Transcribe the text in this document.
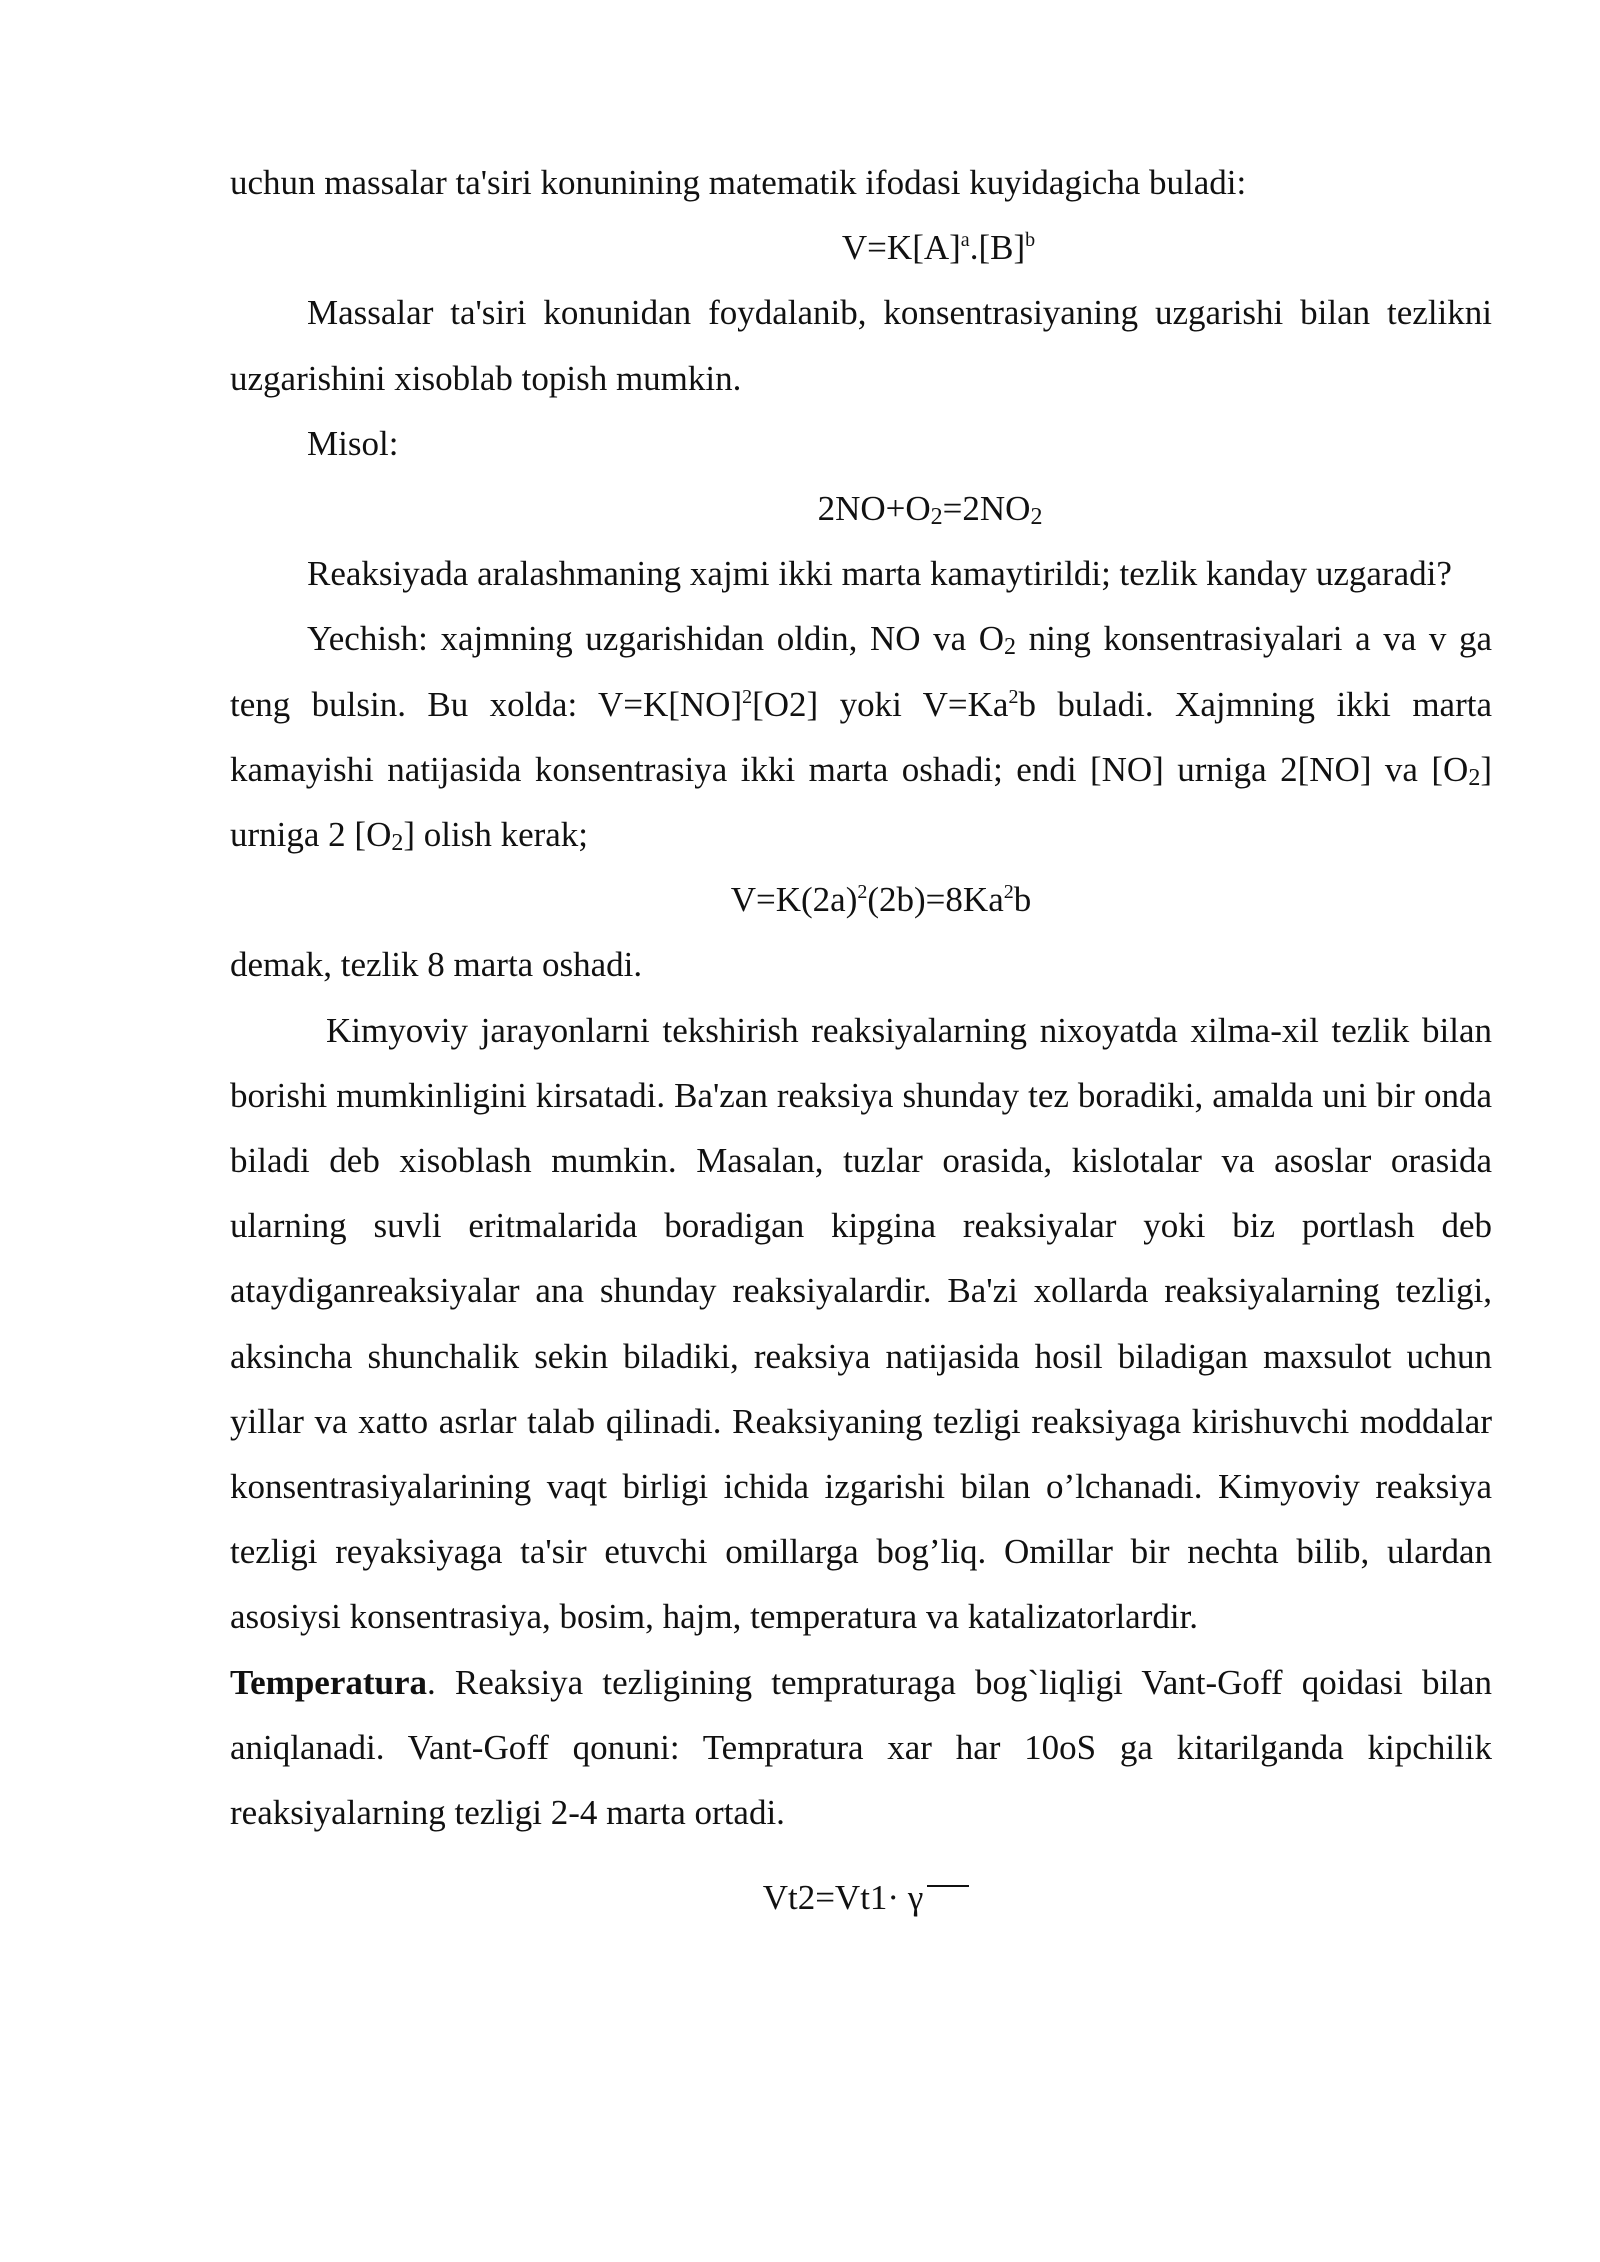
uchun massalar ta'siri konunining matematik ifodasi kuyidagicha buladi:

$V=K[A]^a.[B]^b$

Massalar ta'siri konunidan foydalanib, konsentrasiyaning uzgarishi bilan tezlikni uzgarishini xisoblab topish mumkin.

Misol:

$2NO+O_2=2NO_2$

Reaksiyada aralashmaning xajmi ikki marta kamaytirildi; tezlik kanday uzgaradi?

Yechish: xajmning uzgarishidan oldin, NO va $O_2$ ning konsentrasiyalari a va v ga teng bulsin. Bu xolda: V=K[NO]$^2$[O2] yoki $V=Ka^2b$ buladi. Xajmning ikki marta kamayishi natijasida konsentrasiya ikki marta oshadi; endi [NO] urniga 2[NO] va $[O_2]$ urniga 2 $[O_2]$ olish kerak;

$V=K(2a)^2(2b)=8Ka^2b$

demak, tezlik 8 marta oshadi.

Kimyoviy jarayonlarni tekshirish reaksiyalarning nixoyatda xilma-xil tezlik bilan borishi mumkinligini kirsatadi. Ba'zan reaksiya shunday tez boradiki, amalda uni bir onda biladi deb xisoblash mumkin. Masalan, tuzlar orasida, kislotalar va asoslar orasida ularning suvli eritmalarida boradigan kipgina reaksiyalar yoki biz portlash deb ataydiganreaksiyalar ana shunday reaksiyalardir. Ba'zi xollarda reaksiyalarning tezligi, aksincha shunchalik sekin biladiki, reaksiya natijasida hosil biladigan maxsulot uchun yillar va xatto asrlar talab qilinadi. Reaksiyaning tezligi reaksiyaga kirishuvchi moddalar konsentrasiyalarining vaqt birligi ichida izgarishi bilan o’lchanadi. Kimyoviy reaksiya tezligi reyaksiyaga ta'sir etuvchi omillarga bog’liq. Omillar bir nechta bilib, ulardan asosiysi konsentrasiya, bosim, hajm, temperatura va katalizatorlardir.

Temperatura. Reaksiya tezligining tempraturaga bog`liqligi Vant-Goff qoidasi bilan aniqlanadi. Vant-Goff qonuni: Tempratura xar har 10oS ga kitarilganda kipchilik reaksiyalarning tezligi 2-4 marta ortadi.

Vt2=Vt1· γ
